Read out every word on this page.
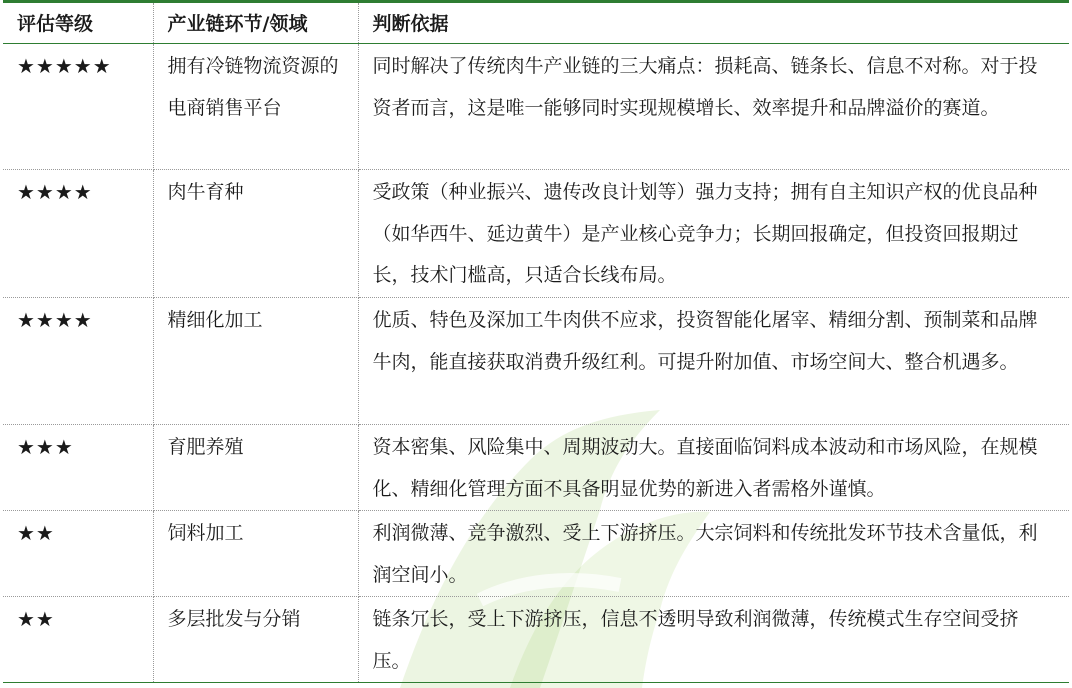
评估等级	产业链环节/领域	判断依据
★★★★★	拥有冷链物流资源的电商销售平台	同时解决了传统肉牛产业链的三大痛点：损耗高、链条长、信息不对称。对于投资者而言，这是唯一能够同时实现规模增长、效率提升和品牌溢价的赛道。
★★★★	肉牛育种	受政策（种业振兴、遗传改良计划等）强力支持；拥有自主知识产权的优良品种（如华西牛、延边黄牛）是产业核心竞争力；长期回报确定，但投资回报期过长，技术门槛高，只适合长线布局。
★★★★	精细化加工	优质、特色及深加工牛肉供不应求，投资智能化屠宰、精细分割、预制菜和品牌牛肉，能直接获取消费升级红利。可提升附加值、市场空间大、整合机遇多。
★★★	育肥养殖	资本密集、风险集中、周期波动大。直接面临饲料成本波动和市场风险，在规模化、精细化管理方面不具备明显优势的新进入者需格外谨慎。
★★	饲料加工	利润微薄、竞争激烈、受上下游挤压。大宗饲料和传统批发环节技术含量低，利润空间小。
★★	多层批发与分销	链条冗长，受上下游挤压，信息不透明导致利润微薄，传统模式生存空间受挤压。
